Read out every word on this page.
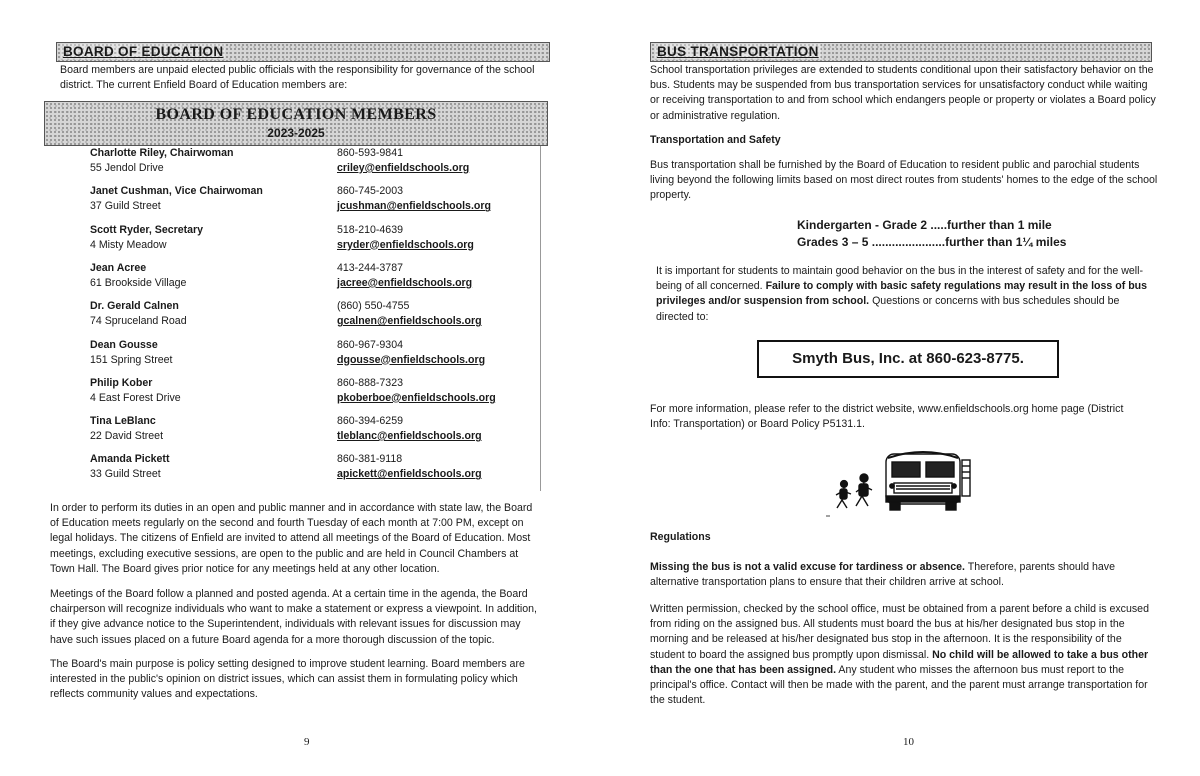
BOARD OF EDUCATION

Board members are unpaid elected public officials with the responsibility for governance of the school district. The current Enfield Board of Education members are:

BOARD OF EDUCATION MEMBERS
2023-2025
Charlotte Riley, Chairwoman
55 Jendol Drive
860-593-9841
criley@enfieldschools.org
Janet Cushman, Vice Chairwoman
37 Guild Street
860-745-2003
jcushman@enfieldschools.org
Scott Ryder, Secretary
4 Misty Meadow
518-210-4639
sryder@enfieldschools.org
Jean Acree
61 Brookside Village
413-244-3787
jacree@enfieldschools.org
Dr. Gerald Calnen
74 Spruceland Road
(860) 550-4755
gcalnen@enfieldschools.org
Dean Gousse
151 Spring Street
860-967-9304
dgousse@enfieldschools.org
Philip Kober
4 East Forest Drive
860-888-7323
pkoberboe@enfieldschools.org
Tina LeBlanc
22 David Street
860-394-6259
tleblanc@enfieldschools.org
Amanda Pickett
33 Guild Street
860-381-9118
apickett@enfieldschools.org

In order to perform its duties in an open and public manner and in accordance with state law, the Board of Education meets regularly on the second and fourth Tuesday of each month at 7:00 PM, except on legal holidays. The citizens of Enfield are invited to attend all meetings of the Board of Education. Most meetings, excluding executive sessions, are open to the public and are held in Council Chambers at Town Hall. The Board gives prior notice for any meetings held at any other location.

Meetings of the Board follow a planned and posted agenda. At a certain time in the agenda, the Board chairperson will recognize individuals who want to make a statement or express a viewpoint. In addition, if they give advance notice to the Superintendent, individuals with relevant issues for discussion may have such issues placed on a future Board agenda for a more thorough discussion of the topic.

The Board's main purpose is policy setting designed to improve student learning. Board members are interested in the public's opinion on district issues, which can assist them in formulating policy which reflects community values and expectations.

9
BUS TRANSPORTATION

School transportation privileges are extended to students conditional upon their satisfactory behavior on the bus. Students may be suspended from bus transportation services for unsatisfactory conduct while waiting or receiving transportation to and from school which endangers people or property or violates a Board policy or administrative regulation.

Transportation and Safety

Bus transportation shall be furnished by the Board of Education to resident public and parochial students living beyond the following limits based on most direct routes from students' homes to the edge of the school property.

Kindergarten - Grade 2 .....further than 1 mile
Grades 3 – 5 ......................further than 1¼ miles

It is important for students to maintain good behavior on the bus in the interest of safety and for the well-being of all concerned. Failure to comply with basic safety regulations may result in the loss of bus privileges and/or suspension from school. Questions or concerns with bus schedules should be directed to:

Smyth Bus, Inc. at 860-623-8775.

For more information, please refer to the district website, www.enfieldschools.org home page (District Info: Transportation) or Board Policy P5131.1.

Regulations

Missing the bus is not a valid excuse for tardiness or absence. Therefore, parents should have alternative transportation plans to ensure that their children arrive at school.

Written permission, checked by the school office, must be obtained from a parent before a child is excused from riding on the assigned bus. All students must board the bus at his/her designated bus stop in the morning and be released at his/her designated bus stop in the afternoon. It is the responsibility of the student to board the assigned bus promptly upon dismissal. No child will be allowed to take a bus other than the one that has been assigned. Any student who misses the afternoon bus must report to the principal's office. Contact will then be made with the parent, and the parent must arrange transportation for the student.

10
